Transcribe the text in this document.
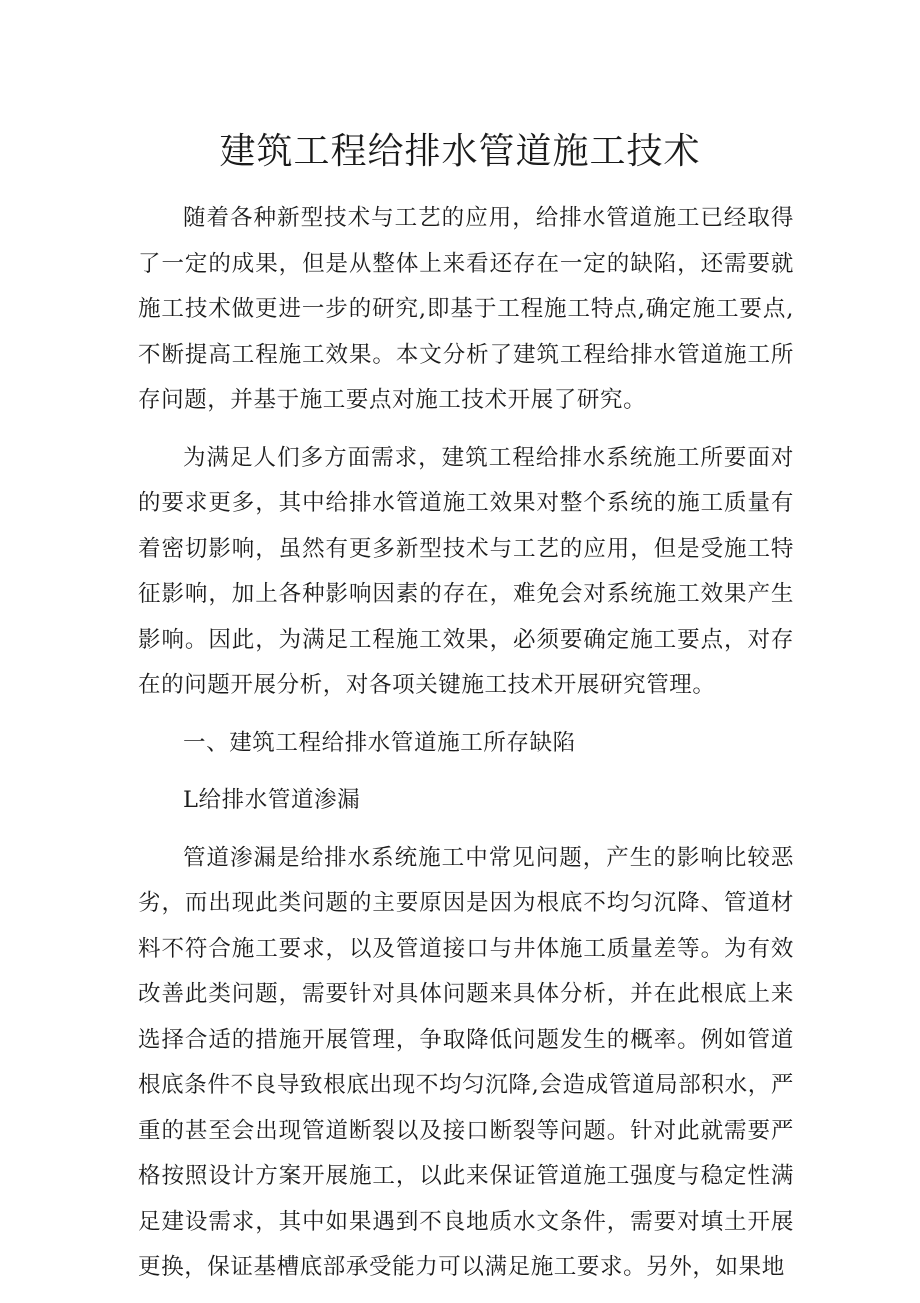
建筑工程给排水管道施工技术

随着各种新型技术与工艺的应用，给排水管道施工已经取得了一定的成果，但是从整体上来看还存在一定的缺陷，还需要就施工技术做更进一步的研究,即基于工程施工特点,确定施工要点,不断提高工程施工效果。本文分析了建筑工程给排水管道施工所存问题，并基于施工要点对施工技术开展了研究。

为满足人们多方面需求，建筑工程给排水系统施工所要面对的要求更多，其中给排水管道施工效果对整个系统的施工质量有着密切影响，虽然有更多新型技术与工艺的应用，但是受施工特征影响，加上各种影响因素的存在，难免会对系统施工效果产生影响。因此，为满足工程施工效果，必须要确定施工要点，对存在的问题开展分析，对各项关键施工技术开展研究管理。

一、建筑工程给排水管道施工所存缺陷

L给排水管道渗漏

管道渗漏是给排水系统施工中常见问题，产生的影响比较恶劣，而出现此类问题的主要原因是因为根底不均匀沉降、管道材料不符合施工要求，以及管道接口与井体施工质量差等。为有效改善此类问题，需要针对具体问题来具体分析，并在此根底上来选择合适的措施开展管理，争取降低问题发生的概率。例如管道根底条件不良导致根底出现不均匀沉降,会造成管道局部积水，严重的甚至会出现管道断裂以及接口断裂等问题。针对此就需要严格按照设计方案开展施工，以此来保证管道施工强度与稳定性满足建设需求，其中如果遇到不良地质水文条件，需要对填土开展更换，保证基槽底部承受能力可以满足施工要求。另外，如果地
